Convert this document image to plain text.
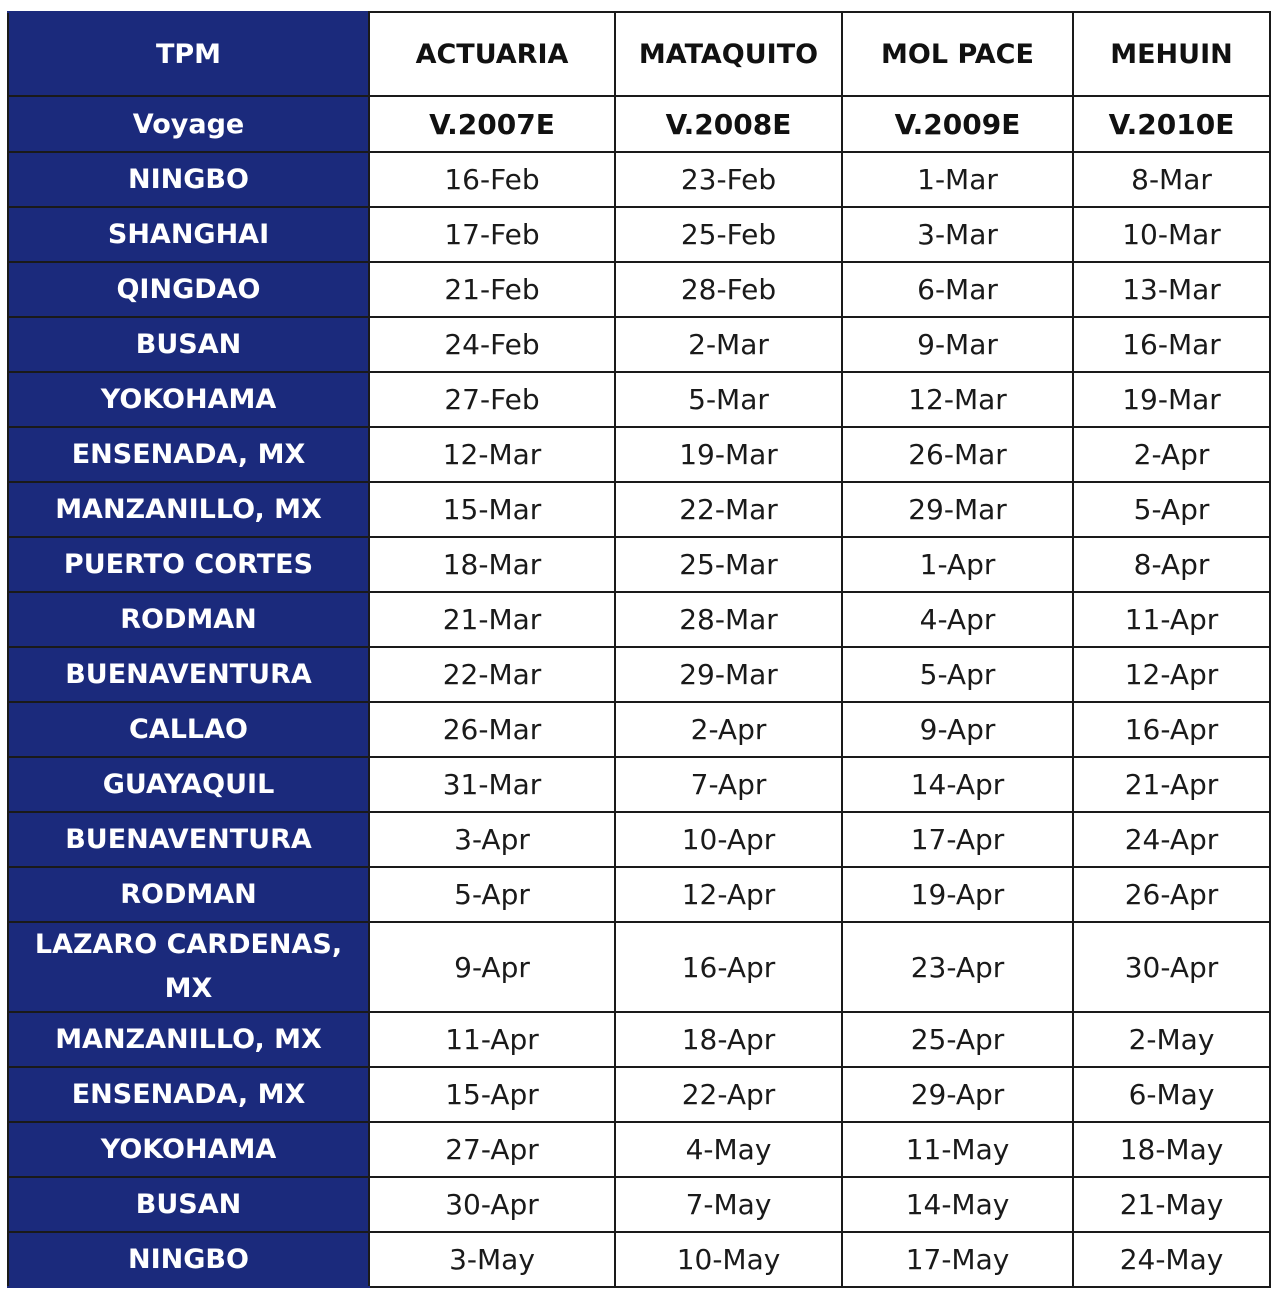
TPM	ACTUARIA	MATAQUITO	MOL PACE	MEHUIN
Voyage	V.2007E	V.2008E	V.2009E	V.2010E
NINGBO	16-Feb	23-Feb	1-Mar	8-Mar
SHANGHAI	17-Feb	25-Feb	3-Mar	10-Mar
QINGDAO	21-Feb	28-Feb	6-Mar	13-Mar
BUSAN	24-Feb	2-Mar	9-Mar	16-Mar
YOKOHAMA	27-Feb	5-Mar	12-Mar	19-Mar
ENSENADA, MX	12-Mar	19-Mar	26-Mar	2-Apr
MANZANILLO, MX	15-Mar	22-Mar	29-Mar	5-Apr
PUERTO CORTES	18-Mar	25-Mar	1-Apr	8-Apr
RODMAN	21-Mar	28-Mar	4-Apr	11-Apr
BUENAVENTURA	22-Mar	29-Mar	5-Apr	12-Apr
CALLAO	26-Mar	2-Apr	9-Apr	16-Apr
GUAYAQUIL	31-Mar	7-Apr	14-Apr	21-Apr
BUENAVENTURA	3-Apr	10-Apr	17-Apr	24-Apr
RODMAN	5-Apr	12-Apr	19-Apr	26-Apr
LAZARO CARDENAS, MX	9-Apr	16-Apr	23-Apr	30-Apr
MANZANILLO, MX	11-Apr	18-Apr	25-Apr	2-May
ENSENADA, MX	15-Apr	22-Apr	29-Apr	6-May
YOKOHAMA	27-Apr	4-May	11-May	18-May
BUSAN	30-Apr	7-May	14-May	21-May
NINGBO	3-May	10-May	17-May	24-May
